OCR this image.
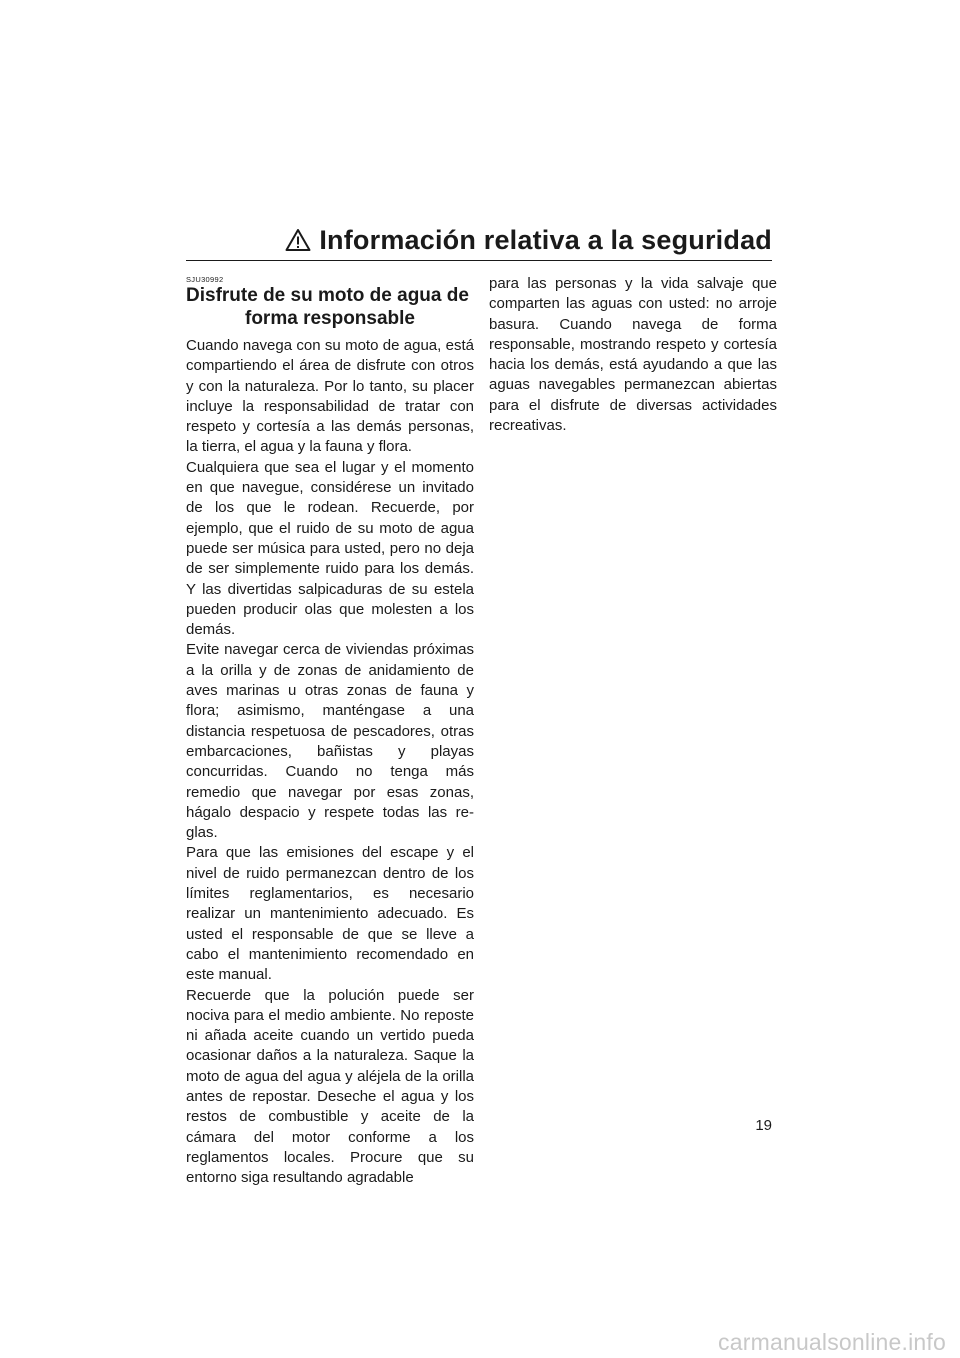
Información relativa a la seguridad
SJU30992
Disfrute de su moto de agua de
forma responsable

Cuando navega con su moto de agua, está compartiendo el área de disfrute con otros y con la naturaleza. Por lo tanto, su placer incluye la responsabilidad de tratar con respeto y cortesía a las demás personas, la tierra, el agua y la fauna y flora.

Cualquiera que sea el lugar y el momento en que navegue, considérese un invitado de los que le rodean. Recuerde, por ejemplo, que el ruido de su moto de agua puede ser música para usted, pero no deja de ser simplemente ruido para los demás. Y las divertidas salpicaduras de su estela pueden producir olas que molesten a los demás.

Evite navegar cerca de viviendas próximas a la orilla y de zonas de anidamiento de aves marinas u otras zonas de fauna y flora; asimismo, manténgase a una distancia respetuosa de pescadores, otras embarcaciones, bañistas y playas concurridas. Cuando no tenga más remedio que navegar por esas zonas, hágalo despacio y respete todas las reglas.

Para que las emisiones del escape y el nivel de ruido permanezcan dentro de los límites reglamentarios, es necesario realizar un mantenimiento adecuado. Es usted el responsable de que se lleve a cabo el mantenimiento recomendado en este manual.

Recuerde que la polución puede ser nociva para el medio ambiente. No reposte ni añada aceite cuando un vertido pueda ocasionar daños a la naturaleza. Saque la moto de agua del agua y aléjela de la orilla antes de repostar. Deseche el agua y los restos de combustible y aceite de la cámara del motor conforme a los reglamentos locales. Procure que su entorno siga resultando agradable

para las personas y la vida salvaje que comparten las aguas con usted: no arroje basura. Cuando navega de forma responsable, mostrando respeto y cortesía hacia los demás, está ayudando a que las aguas navegables permanezcan abiertas para el disfrute de diversas actividades recreativas.

19
carmanualsonline.info
